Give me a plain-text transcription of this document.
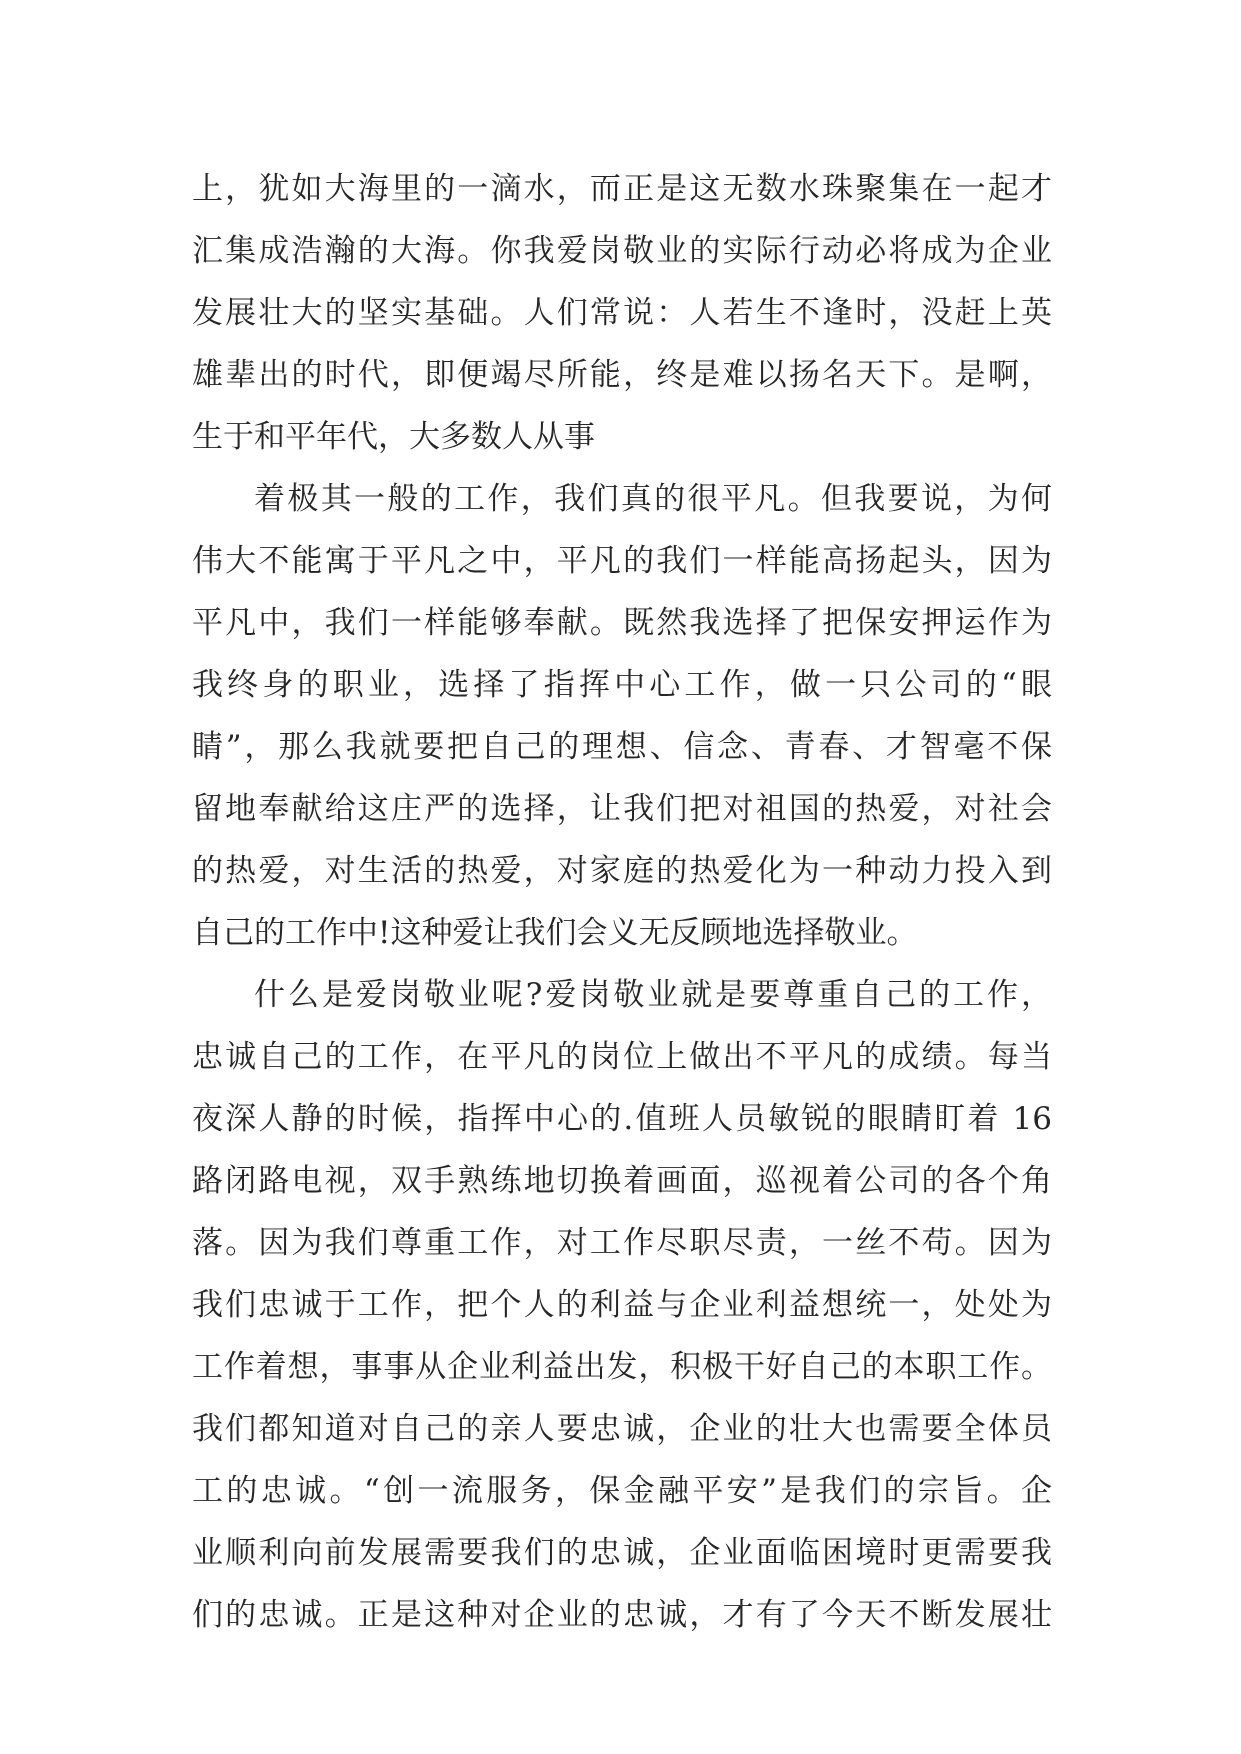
上，犹如大海里的一滴水，而正是这无数水珠聚集在一起才
汇集成浩瀚的大海。你我爱岗敬业的实际行动必将成为企业
发展壮大的坚实基础。人们常说：人若生不逢时，没赶上英
雄辈出的时代，即便竭尽所能，终是难以扬名天下。是啊，
生于和平年代，大多数人从事
着极其一般的工作，我们真的很平凡。但我要说，为何
伟大不能寓于平凡之中，平凡的我们一样能高扬起头，因为
平凡中，我们一样能够奉献。既然我选择了把保安押运作为
我终身的职业，选择了指挥中心工作，做一只公司的“眼
睛”，那么我就要把自己的理想、信念、青春、才智毫不保
留地奉献给这庄严的选择，让我们把对祖国的热爱，对社会
的热爱，对生活的热爱，对家庭的热爱化为一种动力投入到
自己的工作中!这种爱让我们会义无反顾地选择敬业。
什么是爱岗敬业呢?爱岗敬业就是要尊重自己的工作，
忠诚自己的工作，在平凡的岗位上做出不平凡的成绩。每当
夜深人静的时候，指挥中心的.值班人员敏锐的眼睛盯着 16
路闭路电视，双手熟练地切换着画面，巡视着公司的各个角
落。因为我们尊重工作，对工作尽职尽责，一丝不苟。因为
我们忠诚于工作，把个人的利益与企业利益想统一，处处为
工作着想，事事从企业利益出发，积极干好自己的本职工作。
我们都知道对自己的亲人要忠诚，企业的壮大也需要全体员
工的忠诚。“创一流服务，保金融平安”是我们的宗旨。企
业顺利向前发展需要我们的忠诚，企业面临困境时更需要我
们的忠诚。正是这种对企业的忠诚，才有了今天不断发展壮
